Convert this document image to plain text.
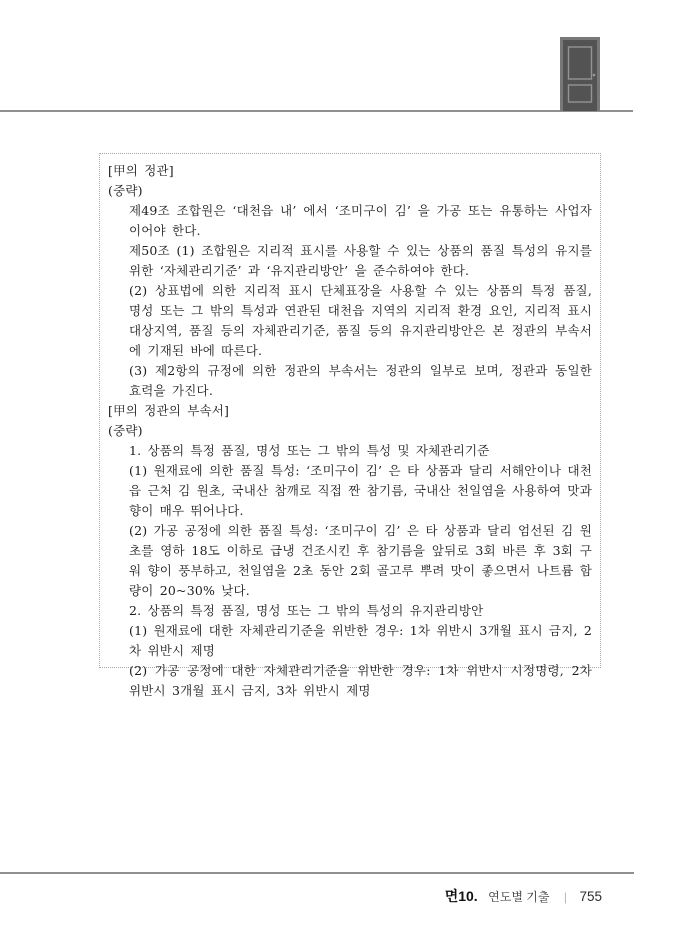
[甲의 정관]

(중략)

제49조 조합원은 ‘대천읍 내’ 에서 ‘조미구이 김’ 을 가공 또는 유통하는 사업자이어야 한다.

제50조 (1) 조합원은 지리적 표시를 사용할 수 있는 상품의 품질 특성의 유지를 위한 ‘자체관리기준’ 과 ‘유지관리방안’ 을 준수하여야 한다.

(2) 상표법에 의한 지리적 표시 단체표장을 사용할 수 있는 상품의 특정 품질, 명성 또는 그 밖의 특성과 연관된 대천읍 지역의 지리적 환경 요인, 지리적 표시 대상지역, 품질 등의 자체관리기준, 품질 등의 유지관리방안은 본 정관의 부속서에 기재된 바에 따른다.

(3) 제2항의 규정에 의한 정관의 부속서는 정관의 일부로 보며, 정관과 동일한 효력을 가진다.

[甲의 정관의 부속서]

(중략)

1. 상품의 특정 품질, 명성 또는 그 밖의 특성 및 자체관리기준

(1) 원재료에 의한 품질 특성: ‘조미구이 김’ 은 타 상품과 달리 서해안이나 대천읍 근처 김 원초, 국내산 참깨로 직접 짠 참기름, 국내산 천일염을 사용하여 맛과 향이 매우 뛰어나다.

(2) 가공 공정에 의한 품질 특성: ‘조미구이 김’ 은 타 상품과 달리 엄선된 김 원초를 영하 18도 이하로 급냉 건조시킨 후 참기름을 앞뒤로 3회 바른 후 3회 구워 향이 풍부하고, 천일염을 2초 동안 2회 골고루 뿌려 맛이 좋으면서 나트륨 함량이 20~30% 낮다.

2. 상품의 특정 품질, 명성 또는 그 밖의 특성의 유지관리방안

(1) 원재료에 대한 자체관리기준을 위반한 경우: 1차 위반시 3개월 표시 금지, 2차 위반시 제명

(2) 가공 공정에 대한 자체관리기준을 위반한 경우: 1차 위반시 시정명령, 2차 위반시 3개월 표시 금지, 3차 위반시 제명

면10. 연도별 기출 | 755
